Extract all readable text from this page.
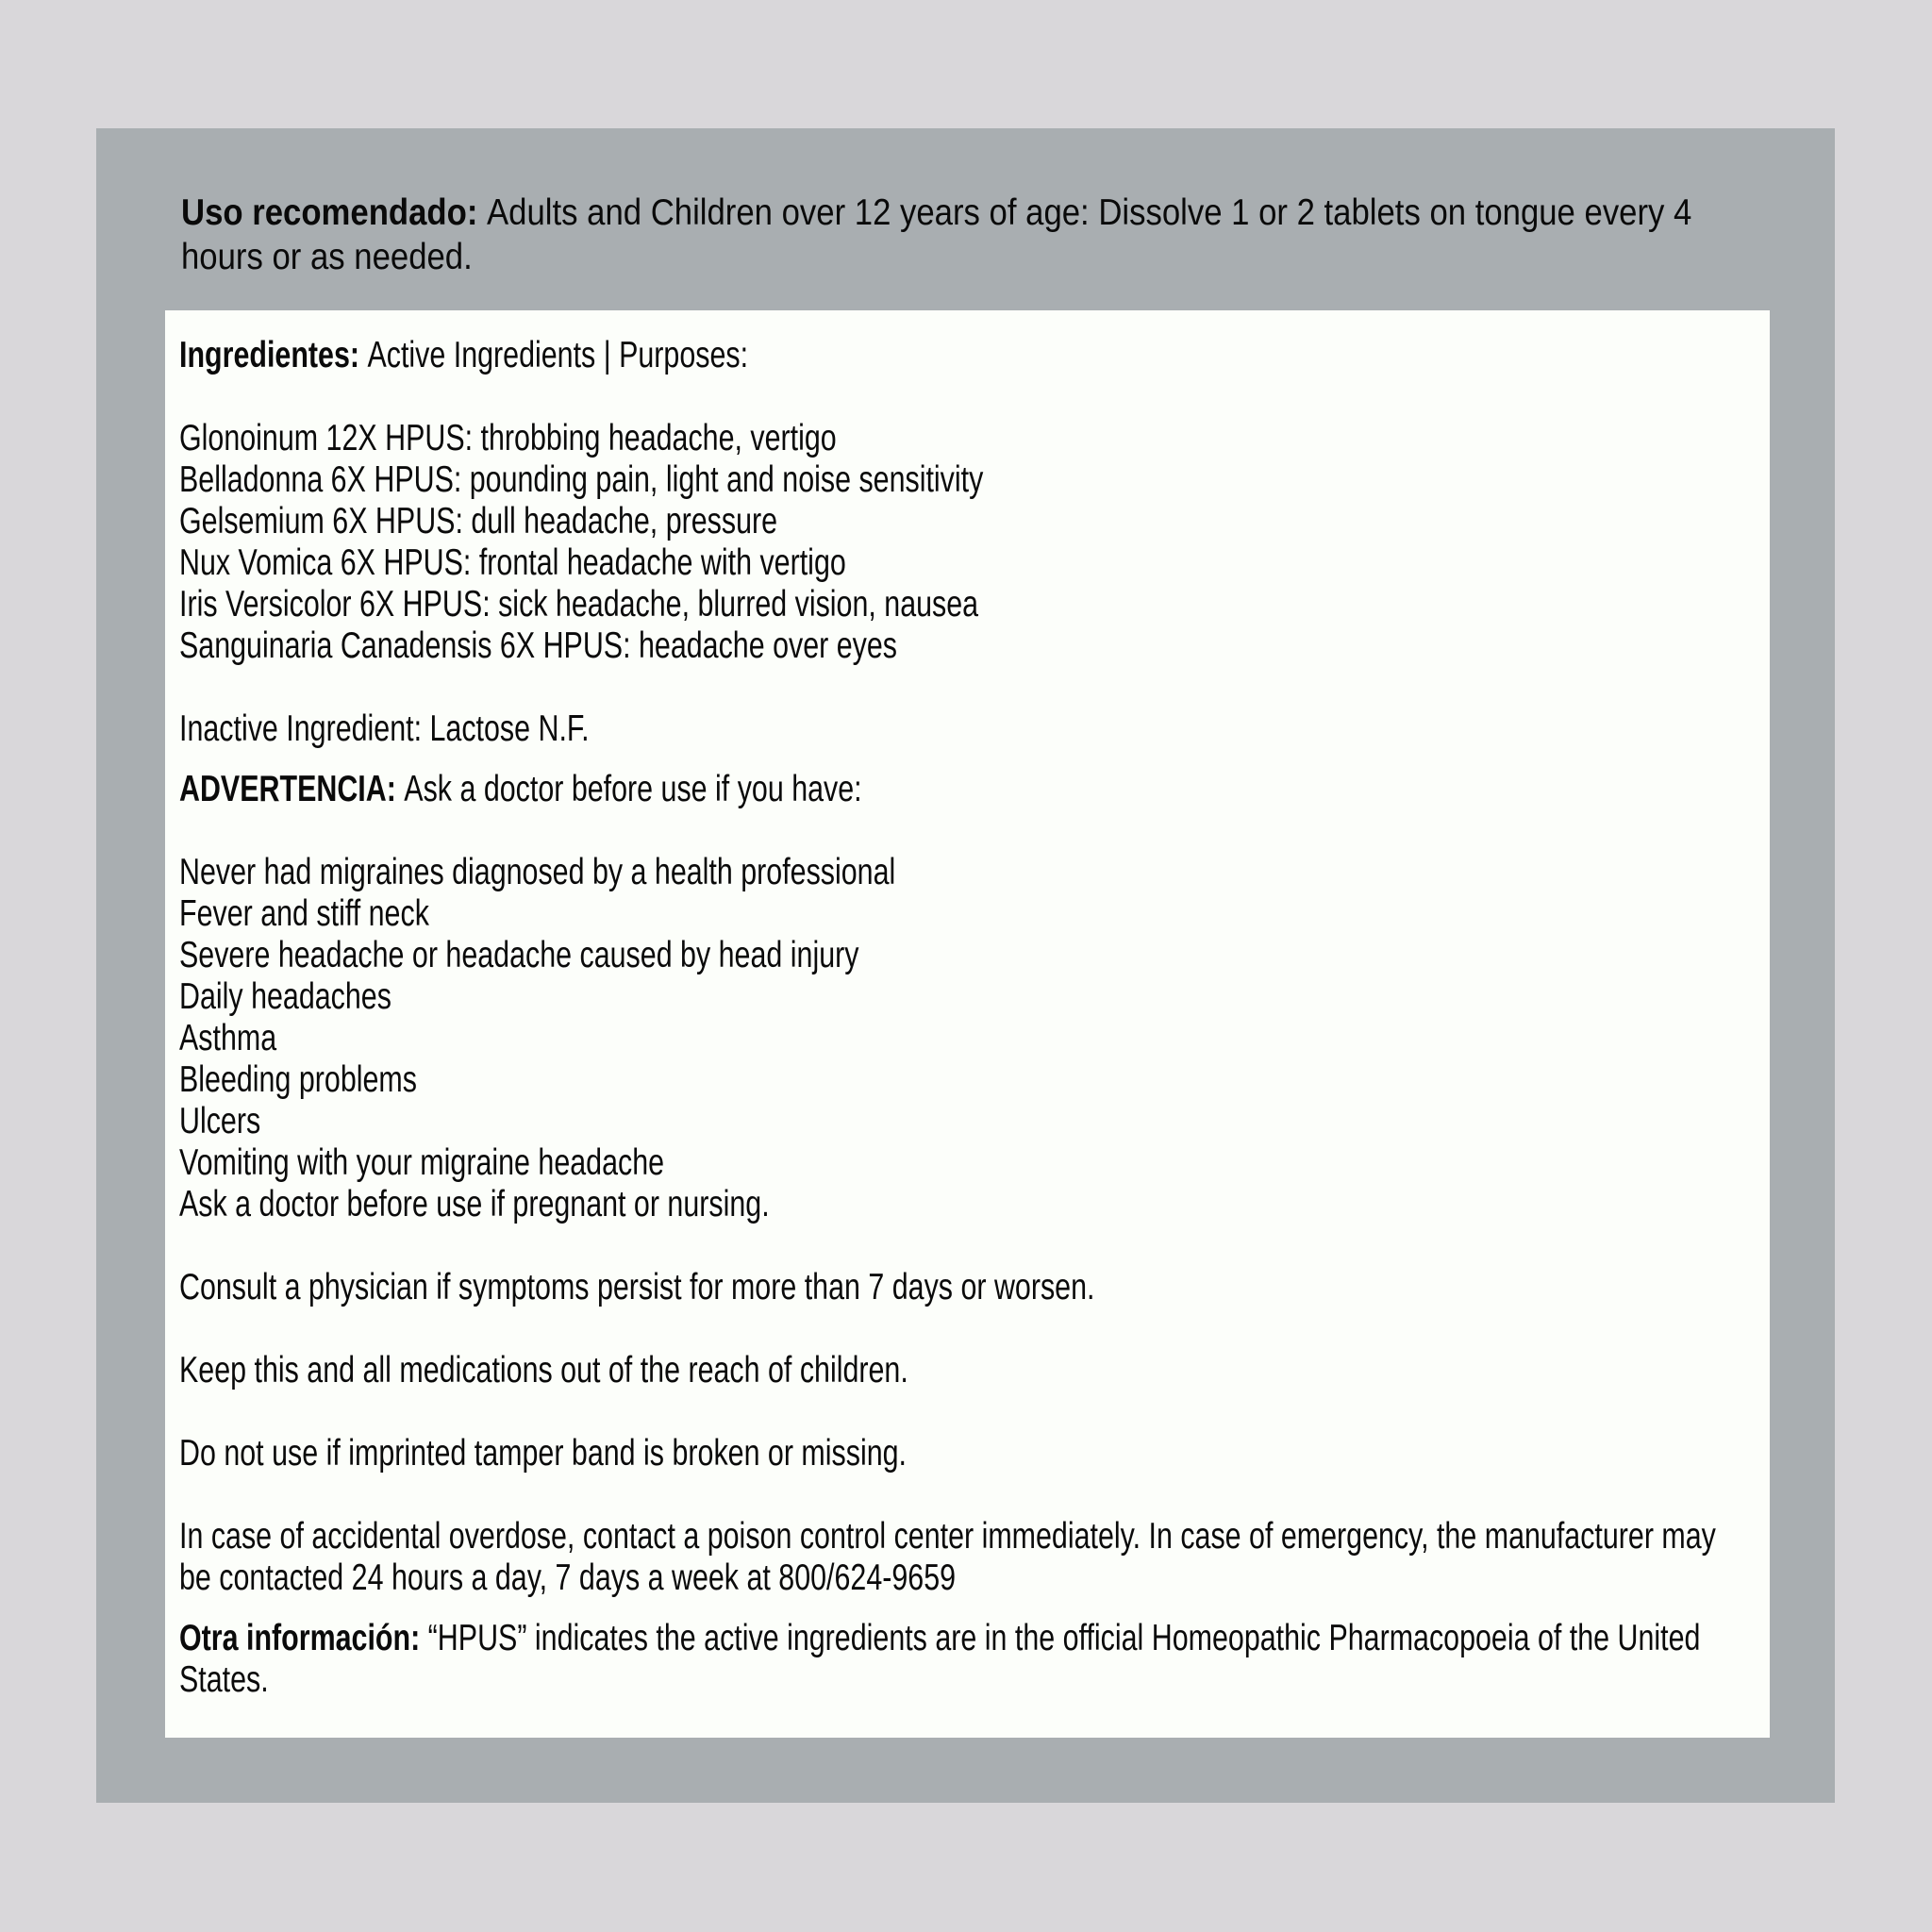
Uso recomendado: Adults and Children over 12 years of age: Dissolve 1 or 2 tablets on tongue every 4
hours or as needed.
Ingredientes: Active Ingredients | Purposes:
Glonoinum 12X HPUS: throbbing headache, vertigo
Belladonna 6X HPUS: pounding pain, light and noise sensitivity
Gelsemium 6X HPUS: dull headache, pressure
Nux Vomica 6X HPUS: frontal headache with vertigo
Iris Versicolor 6X HPUS: sick headache, blurred vision, nausea
Sanguinaria Canadensis 6X HPUS: headache over eyes
Inactive Ingredient: Lactose N.F.
ADVERTENCIA: Ask a doctor before use if you have:
Never had migraines diagnosed by a health professional
Fever and stiff neck
Severe headache or headache caused by head injury
Daily headaches
Asthma
Bleeding problems
Ulcers
Vomiting with your migraine headache
Ask a doctor before use if pregnant or nursing.
Consult a physician if symptoms persist for more than 7 days or worsen.
Keep this and all medications out of the reach of children.
Do not use if imprinted tamper band is broken or missing.
In case of accidental overdose, contact a poison control center immediately. In case of emergency, the manufacturer may
be contacted 24 hours a day, 7 days a week at 800/624-9659
Otra información: “HPUS” indicates the active ingredients are in the official Homeopathic Pharmacopoeia of the United
States.
